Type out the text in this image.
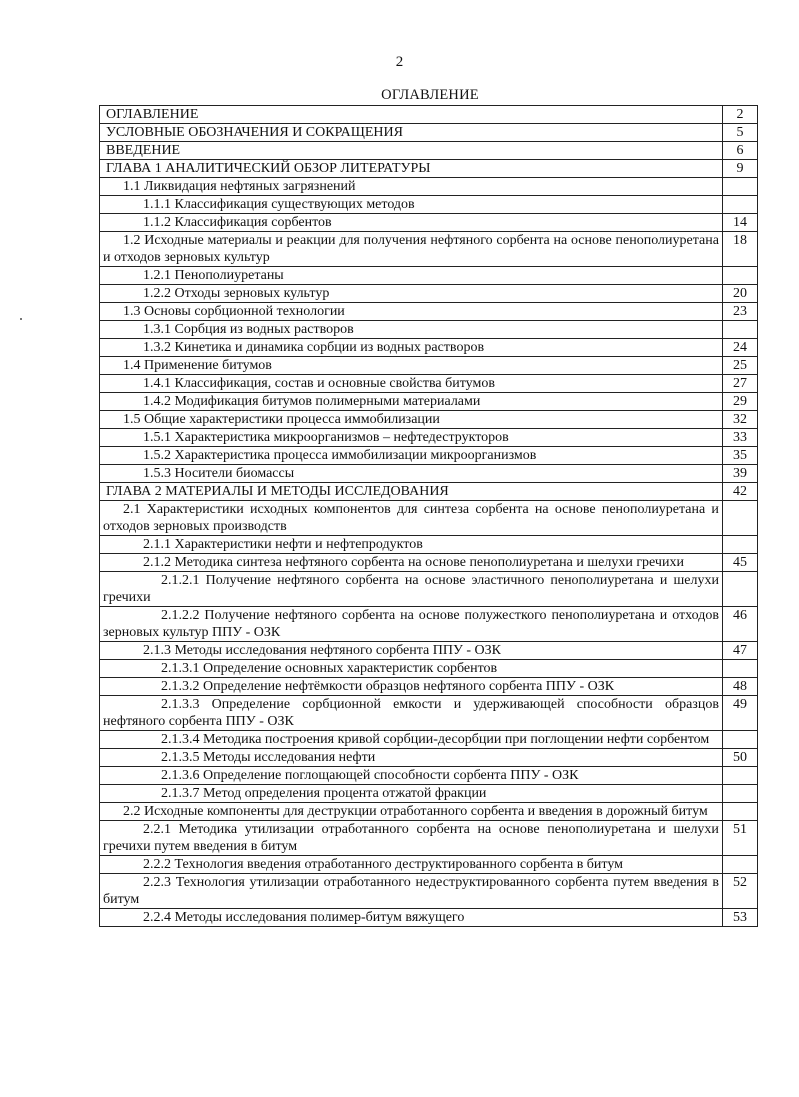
2
ОГЛАВЛЕНИЕ
ОГЛАВЛЕНИЕ	2
УСЛОВНЫЕ ОБОЗНАЧЕНИЯ И СОКРАЩЕНИЯ	5
ВВЕДЕНИЕ	6
ГЛАВА 1 АНАЛИТИЧЕСКИЙ ОБЗОР ЛИТЕРАТУРЫ	9
1.1 Ликвидация нефтяных загрязнений	
1.1.1 Классификация существующих методов	
1.1.2 Классификация сорбентов	14
1.2 Исходные материалы и реакции для получения нефтяного сорбента на основе пенополиуретана и отходов зерновых культур	18
1.2.1 Пенополиуретаны	
1.2.2 Отходы зерновых культур	20
1.3 Основы сорбционной технологии	23
1.3.1 Сорбция из водных растворов	
1.3.2 Кинетика и динамика сорбции из водных растворов	24
1.4 Применение битумов	25
1.4.1 Классификация, состав и основные свойства битумов	27
1.4.2 Модификация битумов полимерными материалами	29
1.5 Общие характеристики процесса иммобилизации	32
1.5.1 Характеристика микроорганизмов – нефтедеструкторов	33
1.5.2 Характеристика процесса иммобилизации микроорганизмов	35
1.5.3 Носители биомассы	39
ГЛАВА 2 МАТЕРИАЛЫ И МЕТОДЫ ИССЛЕДОВАНИЯ	42
2.1 Характеристики исходных компонентов для синтеза сорбента на основе пенополиуретана и отходов зерновых производств	
2.1.1 Характеристики нефти и нефтепродуктов	
2.1.2 Методика синтеза нефтяного сорбента на основе пенополиуретана и шелухи гречихи	45
2.1.2.1 Получение нефтяного сорбента на основе эластичного пенополиуретана и шелухи гречихи	
2.1.2.2 Получение нефтяного сорбента на основе полужесткого пенополиуретана и отходов зерновых культур ППУ - ОЗК	46
2.1.3 Методы исследования нефтяного сорбента ППУ - ОЗК	47
2.1.3.1 Определение основных характеристик сорбентов	
2.1.3.2 Определение нефтёмкости образцов нефтяного сорбента ППУ - ОЗК	48
2.1.3.3 Определение сорбционной емкости и удерживающей способности образцов нефтяного сорбента ППУ - ОЗК	49
2.1.3.4 Методика построения кривой сорбции-десорбции при поглощении нефти сорбентом	
2.1.3.5 Методы исследования нефти	50
2.1.3.6 Определение поглощающей способности сорбента ППУ - ОЗК	
2.1.3.7 Метод определения процента отжатой фракции	
2.2 Исходные компоненты для деструкции отработанного сорбента и введения в дорожный битум	
2.2.1 Методика утилизации отработанного сорбента на основе пенополиуретана и шелухи гречихи путем введения в битум	51
2.2.2 Технология введения отработанного деструктированного сорбента в битум	
2.2.3 Технология утилизации отработанного недеструктированного сорбента путем введения в битум	52
2.2.4 Методы исследования полимер-битум вяжущего	53
